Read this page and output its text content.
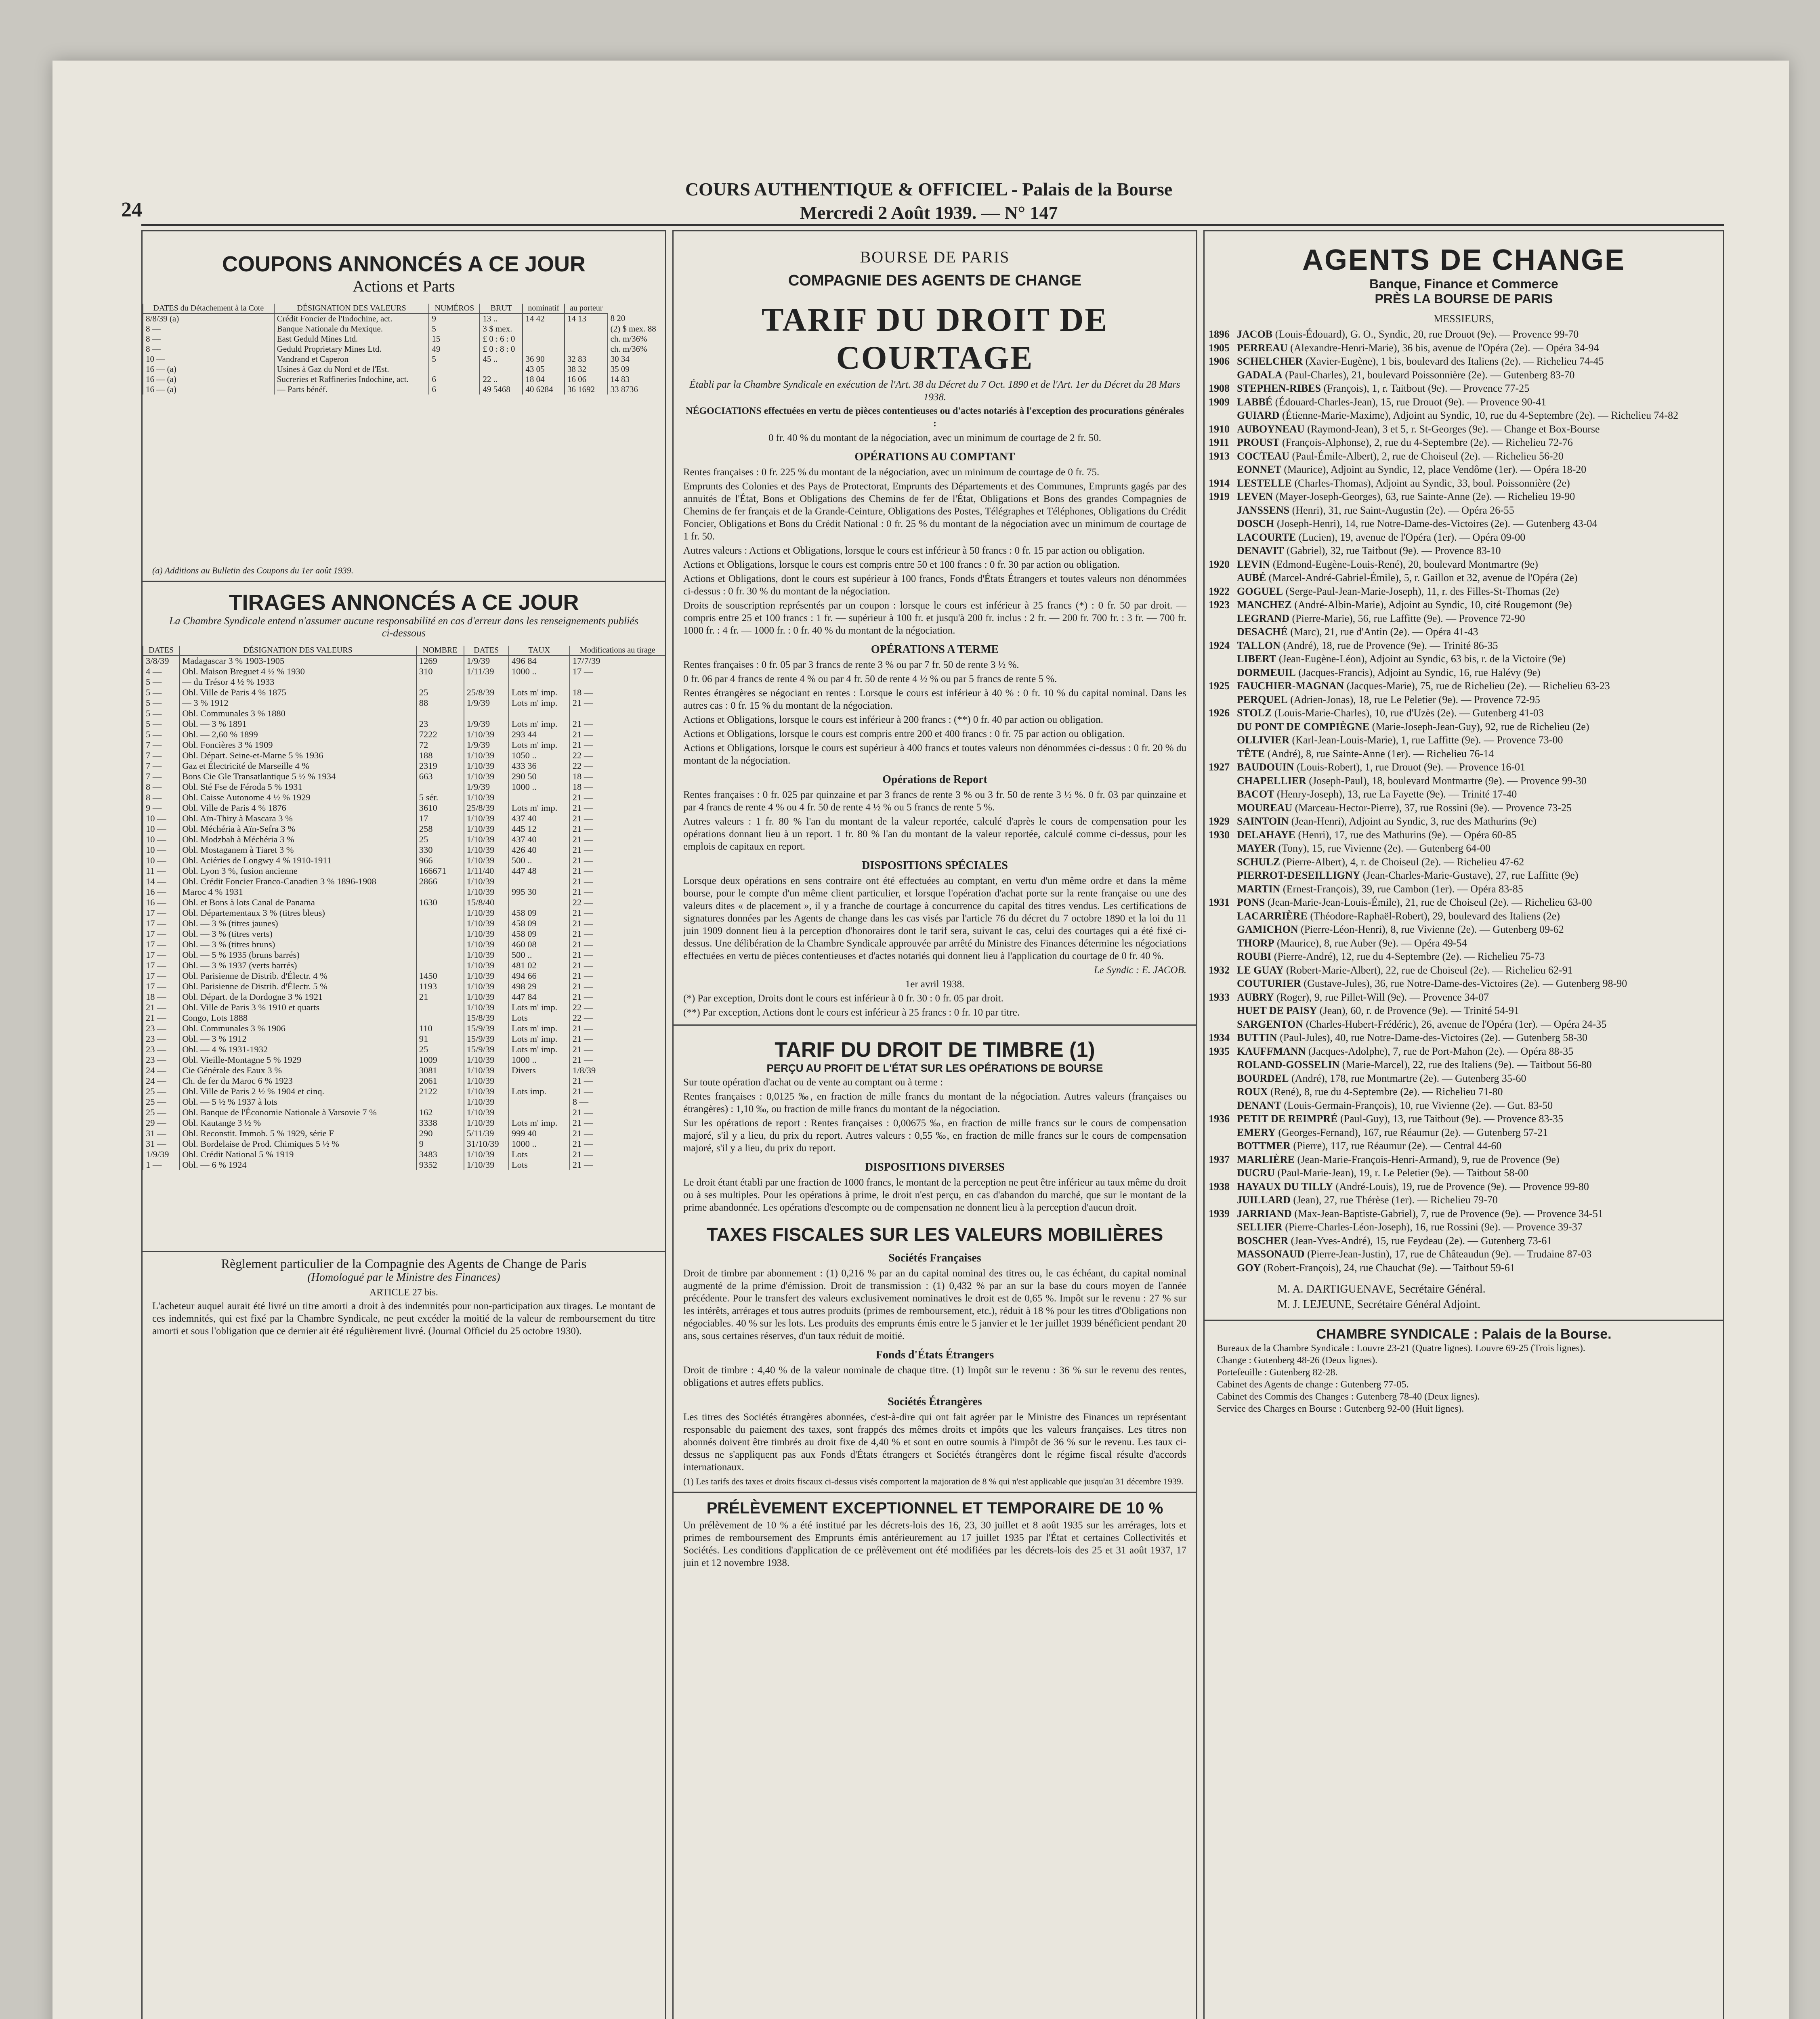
24
COURS AUTHENTIQUE & OFFICIEL - Palais de la Bourse
Mercredi 2 Août 1939. — N° 147
COUPONS ANNONCÉS A CE JOUR
Actions et Parts
DATES du Détachement à la Cote	DÉSIGNATION DES VALEURS	NUMÉROS	BRUT	nominatif	au porteur	
8/8/39 (a)	Crédit Foncier de l'Indochine, act.	9	13 ..	14 42	14 13	8 20
8 —	Banque Nationale du Mexique.	5	3 $ mex.			(2) $ mex. 88
8 —	East Geduld Mines Ltd.	15	£ 0 : 6 : 0			ch. m/36%
8 —	Geduld Proprietary Mines Ltd.	49	£ 0 : 8 : 0			ch. m/36%
10 —	Vandrand et Caperon	5	45 ..	36 90	32 83	30 34
16 — (a)	Usines à Gaz du Nord et de l'Est.			43 05	38 32	35 09
16 — (a)	Sucreries et Raffineries Indochine, act.	6	22 ..	18 04	16 06	14 83
16 — (a)	— Parts bénéf.	6	49 5468	40 6284	36 1692	33 8736

(a) Additions au Bulletin des Coupons du 1er août 1939.

TIRAGES ANNONCÉS A CE JOUR
La Chambre Syndicale entend n'assumer aucune responsabilité en cas d'erreur dans les renseignements publiés ci-dessous
DATES	DÉSIGNATION DES VALEURS	NOMBRE	DATES	TAUX	Modifications au tirage
3/8/39	Madagascar 3 % 1903-1905	1269	1/9/39	496 84	17/7/39
4 —	Obl. Maison Breguet 4 ½ % 1930	310	1/11/39	1000 ..	17 —
5 —	— du Trésor 4 ½ % 1933				
5 —	Obl. Ville de Paris 4 % 1875	25	25/8/39	Lots m' imp.	18 —
5 —	— 3 % 1912	88	1/9/39	Lots m' imp.	21 —
5 —	Obl. Communales 3 % 1880				
5 —	Obl. — 3 % 1891	23	1/9/39	Lots m' imp.	21 —
5 —	Obl. — 2,60 % 1899	7222	1/10/39	293 44	21 —
7 —	Obl. Foncières 3 % 1909	72	1/9/39	Lots m' imp.	21 —
7 —	Obl. Départ. Seine-et-Marne 5 % 1936	188	1/10/39	1050 ..	22 —
7 —	Gaz et Électricité de Marseille 4 %	2319	1/10/39	433 36	22 —
7 —	Bons Cie Gle Transatlantique 5 ½ % 1934	663	1/10/39	290 50	18 —
8 —	Obl. Sté Fse de Féroda 5 % 1931		1/9/39	1000 ..	18 —
8 —	Obl. Caisse Autonome 4 ½ % 1929	5 sér.	1/10/39		21 —
9 —	Obl. Ville de Paris 4 % 1876	3610	25/8/39	Lots m' imp.	21 —
10 —	Obl. Aïn-Thiry à Mascara 3 %	17	1/10/39	437 40	21 —
10 —	Obl. Méchéria à Aïn-Sefra 3 %	258	1/10/39	445 12	21 —
10 —	Obl. Modzbah à Méchéria 3 %	25	1/10/39	437 40	21 —
10 —	Obl. Mostaganem à Tiaret 3 %	330	1/10/39	426 40	21 —
10 —	Obl. Aciéries de Longwy 4 % 1910-1911	966	1/10/39	500 ..	21 —
11 —	Obl. Lyon 3 %, fusion ancienne	166671	1/11/40	447 48	21 —
14 —	Obl. Crédit Foncier Franco-Canadien 3 % 1896-1908	2866	1/10/39		21 —
16 —	Maroc 4 % 1931		1/10/39	995 30	21 —
16 —	Obl. et Bons à lots Canal de Panama	1630	15/8/40		22 —
17 —	Obl. Départementaux 3 % (titres bleus)		1/10/39	458 09	21 —
17 —	Obl. — 3 % (titres jaunes)		1/10/39	458 09	21 —
17 —	Obl. — 3 % (titres verts)		1/10/39	458 09	21 —
17 —	Obl. — 3 % (titres bruns)		1/10/39	460 08	21 —
17 —	Obl. — 5 % 1935 (bruns barrés)		1/10/39	500 ..	21 —
17 —	Obl. — 3 % 1937 (verts barrés)		1/10/39	481 02	21 —
17 —	Obl. Parisienne de Distrib. d'Électr. 4 %	1450	1/10/39	494 66	21 —
17 —	Obl. Parisienne de Distrib. d'Électr. 5 %	1193	1/10/39	498 29	21 —
18 —	Obl. Départ. de la Dordogne 3 % 1921	21	1/10/39	447 84	21 —
21 —	Obl. Ville de Paris 3 % 1910 et quarts		1/10/39	Lots m' imp.	22 —
21 —	Congo, Lots 1888		15/8/39	Lots	22 —
23 —	Obl. Communales 3 % 1906	110	15/9/39	Lots m' imp.	21 —
23 —	Obl. — 3 % 1912	91	15/9/39	Lots m' imp.	21 —
23 —	Obl. — 4 % 1931-1932	25	15/9/39	Lots m' imp.	21 —
23 —	Obl. Vieille-Montagne 5 % 1929	1009	1/10/39	1000 ..	21 —
24 —	Cie Générale des Eaux 3 %	3081	1/10/39	Divers	1/8/39
24 —	Ch. de fer du Maroc 6 % 1923	2061	1/10/39		21 —
25 —	Obl. Ville de Paris 2 ½ % 1904 et cinq.	2122	1/10/39	Lots imp.	21 —
25 —	Obl. — 5 ½ % 1937 à lots		1/10/39		8 —
25 —	Obl. Banque de l'Économie Nationale à Varsovie 7 %	162	1/10/39		21 —
29 —	Obl. Kautange 3 ½ %	3338	1/10/39	Lots m' imp.	21 —
31 —	Obl. Reconstit. Immob. 5 % 1929, série F	290	5/11/39	999 40	21 —
31 —	Obl. Bordelaise de Prod. Chimiques 5 ½ %	9	31/10/39	1000 ..	21 —
1/9/39	Obl. Crédit National 5 % 1919	3483	1/10/39	Lots	21 —
1 —	Obl. — 6 % 1924	9352	1/10/39	Lots	21 —
Règlement particulier de la Compagnie des Agents de Change de Paris
(Homologué par le Ministre des Finances)
ARTICLE 27 bis.

L'acheteur auquel aurait été livré un titre amorti a droit à des indemnités pour non-participation aux tirages. Le montant de ces indemnités, qui est fixé par la Chambre Syndicale, ne peut excéder la moitié de la valeur de remboursement du titre amorti et sous l'obligation que ce dernier ait été régulièrement livré. (Journal Officiel du 25 octobre 1930).

BOURSE DE PARIS
COMPAGNIE DES AGENTS DE CHANGE
TARIF DU DROIT DE COURTAGE

Établi par la Chambre Syndicale en exécution de l'Art. 38 du Décret du 7 Oct. 1890 et de l'Art. 1er du Décret du 28 Mars 1938.

NÉGOCIATIONS effectuées en vertu de pièces contentieuses ou d'actes notariés à l'exception des procurations générales :

0 fr. 40 % du montant de la négociation, avec un minimum de courtage de 2 fr. 50.

OPÉRATIONS AU COMPTANT

Rentes françaises : 0 fr. 225 % du montant de la négociation, avec un minimum de courtage de 0 fr. 75.

Emprunts des Colonies et des Pays de Protectorat, Emprunts des Départements et des Communes, Emprunts gagés par des annuités de l'État, Bons et Obligations des Chemins de fer de l'État, Obligations et Bons des grandes Compagnies de Chemins de fer français et de la Grande-Ceinture, Obligations des Postes, Télégraphes et Téléphones, Obligations du Crédit Foncier, Obligations et Bons du Crédit National : 0 fr. 25 % du montant de la négociation avec un minimum de courtage de 1 fr. 50.

Autres valeurs : Actions et Obligations, lorsque le cours est inférieur à 50 francs : 0 fr. 15 par action ou obligation.

Actions et Obligations, lorsque le cours est compris entre 50 et 100 francs : 0 fr. 30 par action ou obligation.

Actions et Obligations, dont le cours est supérieur à 100 francs, Fonds d'États Étrangers et toutes valeurs non dénommées ci-dessus : 0 fr. 30 % du montant de la négociation.

Droits de souscription représentés par un coupon : lorsque le cours est inférieur à 25 francs (*) : 0 fr. 50 par droit. — compris entre 25 et 100 francs : 1 fr. — supérieur à 100 fr. et jusqu'à 200 fr. inclus : 2 fr. — 200 fr. 700 fr. : 3 fr. — 700 fr. 1000 fr. : 4 fr. — 1000 fr. : 0 fr. 40 % du montant de la négociation.

OPÉRATIONS A TERME

Rentes françaises : 0 fr. 05 par 3 francs de rente 3 % ou par 7 fr. 50 de rente 3 ½ %.

0 fr. 06 par 4 francs de rente 4 % ou par 4 fr. 50 de rente 4 ½ % ou par 5 francs de rente 5 %.

Rentes étrangères se négociant en rentes : Lorsque le cours est inférieur à 40 % : 0 fr. 10 % du capital nominal. Dans les autres cas : 0 fr. 15 % du montant de la négociation.

Actions et Obligations, lorsque le cours est inférieur à 200 francs : (**) 0 fr. 40 par action ou obligation.

Actions et Obligations, lorsque le cours est compris entre 200 et 400 francs : 0 fr. 75 par action ou obligation.

Actions et Obligations, lorsque le cours est supérieur à 400 francs et toutes valeurs non dénommées ci-dessus : 0 fr. 20 % du montant de la négociation.

Opérations de Report

Rentes françaises : 0 fr. 025 par quinzaine et par 3 francs de rente 3 % ou 3 fr. 50 de rente 3 ½ %. 0 fr. 03 par quinzaine et par 4 francs de rente 4 % ou 4 fr. 50 de rente 4 ½ % ou 5 francs de rente 5 %.

Autres valeurs : 1 fr. 80 % l'an du montant de la valeur reportée, calculé d'après le cours de compensation pour les opérations donnant lieu à un report. 1 fr. 80 % l'an du montant de la valeur reportée, calculé comme ci-dessus, pour les emplois de capitaux en report.

DISPOSITIONS SPÉCIALES

Lorsque deux opérations en sens contraire ont été effectuées au comptant, en vertu d'un même ordre et dans la même bourse, pour le compte d'un même client particulier, et lorsque l'opération d'achat porte sur la rente française ou une des valeurs dites « de placement », il y a franche de courtage à concurrence du capital des titres vendus. Les certifications de signatures données par les Agents de change dans les cas visés par l'article 76 du décret du 7 octobre 1890 et la loi du 11 juin 1909 donnent lieu à la perception d'honoraires dont le tarif sera, suivant le cas, celui des courtages qui a été fixé ci-dessus. Une délibération de la Chambre Syndicale approuvée par arrêté du Ministre des Finances détermine les négociations effectuées en vertu de pièces contentieuses et d'actes notariés qui donnent lieu à l'application du courtage de 0 fr. 40 %.

Le Syndic : E. JACOB.

1er avril 1938.

(*) Par exception, Droits dont le cours est inférieur à 0 fr. 30 : 0 fr. 05 par droit.

(**) Par exception, Actions dont le cours est inférieur à 25 francs : 0 fr. 10 par titre.

TARIF DU DROIT DE TIMBRE (1)
PERÇU AU PROFIT DE L'ÉTAT SUR LES OPÉRATIONS DE BOURSE

Sur toute opération d'achat ou de vente au comptant ou à terme :

Rentes françaises : 0,0125 ‰, en fraction de mille francs du montant de la négociation. Autres valeurs (françaises ou étrangères) : 1,10 ‰, ou fraction de mille francs du montant de la négociation.

Sur les opérations de report : Rentes françaises : 0,00675 ‰, en fraction de mille francs sur le cours de compensation majoré, s'il y a lieu, du prix du report. Autres valeurs : 0,55 ‰, en fraction de mille francs sur le cours de compensation majoré, s'il y a lieu, du prix du report.

DISPOSITIONS DIVERSES

Le droit étant établi par une fraction de 1000 francs, le montant de la perception ne peut être inférieur au taux même du droit ou à ses multiples. Pour les opérations à prime, le droit n'est perçu, en cas d'abandon du marché, que sur le montant de la prime abandonnée. Les opérations d'escompte ou de compensation ne donnent lieu à la perception d'aucun droit.

TAXES FISCALES SUR LES VALEURS MOBILIÈRES
Sociétés Françaises

Droit de timbre par abonnement : (1) 0,216 % par an du capital nominal des titres ou, le cas échéant, du capital nominal augmenté de la prime d'émission. Droit de transmission : (1) 0,432 % par an sur la base du cours moyen de l'année précédente. Pour le transfert des valeurs exclusivement nominatives le droit est de 0,65 %. Impôt sur le revenu : 27 % sur les intérêts, arrérages et tous autres produits (primes de remboursement, etc.), réduit à 18 % pour les titres d'Obligations non négociables. 40 % sur les lots. Les produits des emprunts émis entre le 5 janvier et le 1er juillet 1939 bénéficient pendant 20 ans, sous certaines réserves, d'un taux réduit de moitié.

Fonds d'États Étrangers

Droit de timbre : 4,40 % de la valeur nominale de chaque titre. (1) Impôt sur le revenu : 36 % sur le revenu des rentes, obligations et autres effets publics.

Sociétés Étrangères

Les titres des Sociétés étrangères abonnées, c'est-à-dire qui ont fait agréer par le Ministre des Finances un représentant responsable du paiement des taxes, sont frappés des mêmes droits et impôts que les valeurs françaises. Les titres non abonnés doivent être timbrés au droit fixe de 4,40 % et sont en outre soumis à l'impôt de 36 % sur le revenu. Les taux ci-dessus ne s'appliquent pas aux Fonds d'États étrangers et Sociétés étrangères dont le régime fiscal résulte d'accords internationaux.

(1) Les tarifs des taxes et droits fiscaux ci-dessus visés comportent la majoration de 8 % qui n'est applicable que jusqu'au 31 décembre 1939.

PRÉLÈVEMENT EXCEPTIONNEL ET TEMPORAIRE DE 10 %

Un prélèvement de 10 % a été institué par les décrets-lois des 16, 23, 30 juillet et 8 août 1935 sur les arrérages, lots et primes de remboursement des Emprunts émis antérieurement au 17 juillet 1935 par l'État et certaines Collectivités et Sociétés. Les conditions d'application de ce prélèvement ont été modifiées par les décrets-lois des 25 et 31 août 1937, 17 juin et 12 novembre 1938.

AGENTS DE CHANGE
Banque, Finance et Commerce
PRÈS LA BOURSE DE PARIS
MESSIEURS,
1896 JACOB (Louis-Édouard), G. O., Syndic, 20, rue Drouot (9e). — Provence 99-70
1905 PERREAU (Alexandre-Henri-Marie), 36 bis, avenue de l'Opéra (2e). — Opéra 34-94
1906 SCHELCHER (Xavier-Eugène), 1 bis, boulevard des Italiens (2e). — Richelieu 74-45
GADALA (Paul-Charles), 21, boulevard Poissonnière (2e). — Gutenberg 83-70
1908 STEPHEN-RIBES (François), 1, r. Taitbout (9e). — Provence 77-25
1909 LABBÉ (Édouard-Charles-Jean), 15, rue Drouot (9e). — Provence 90-41
GUIARD (Étienne-Marie-Maxime), Adjoint au Syndic, 10, rue du 4-Septembre (2e). — Richelieu 74-82
1910 AUBOYNEAU (Raymond-Jean), 3 et 5, r. St-Georges (9e). — Change et Box-Bourse
1911 PROUST (François-Alphonse), 2, rue du 4-Septembre (2e). — Richelieu 72-76
1913 COCTEAU (Paul-Émile-Albert), 2, rue de Choiseul (2e). — Richelieu 56-20
EONNET (Maurice), Adjoint au Syndic, 12, place Vendôme (1er). — Opéra 18-20
1914 LESTELLE (Charles-Thomas), Adjoint au Syndic, 33, boul. Poissonnière (2e)
1919 LEVEN (Mayer-Joseph-Georges), 63, rue Sainte-Anne (2e). — Richelieu 19-90
JANSSENS (Henri), 31, rue Saint-Augustin (2e). — Opéra 26-55
DOSCH (Joseph-Henri), 14, rue Notre-Dame-des-Victoires (2e). — Gutenberg 43-04
LACOURTE (Lucien), 19, avenue de l'Opéra (1er). — Opéra 09-00
DENAVIT (Gabriel), 32, rue Taitbout (9e). — Provence 83-10
1920 LEVIN (Edmond-Eugène-Louis-René), 20, boulevard Montmartre (9e)
AUBÉ (Marcel-André-Gabriel-Émile), 5, r. Gaillon et 32, avenue de l'Opéra (2e)
1922 GOGUEL (Serge-Paul-Jean-Marie-Joseph), 11, r. des Filles-St-Thomas (2e)
1923 MANCHEZ (André-Albin-Marie), Adjoint au Syndic, 10, cité Rougemont (9e)
LEGRAND (Pierre-Marie), 56, rue Laffitte (9e). — Provence 72-90
DESACHÉ (Marc), 21, rue d'Antin (2e). — Opéra 41-43
1924 TALLON (André), 18, rue de Provence (9e). — Trinité 86-35
LIBERT (Jean-Eugène-Léon), Adjoint au Syndic, 63 bis, r. de la Victoire (9e)
DORMEUIL (Jacques-Francis), Adjoint au Syndic, 16, rue Halévy (9e)
1925 FAUCHIER-MAGNAN (Jacques-Marie), 75, rue de Richelieu (2e). — Richelieu 63-23
PERQUEL (Adrien-Jonas), 18, rue Le Peletier (9e). — Provence 72-95
1926 STOLZ (Louis-Marie-Charles), 10, rue d'Uzès (2e). — Gutenberg 41-03
DU PONT DE COMPIÈGNE (Marie-Joseph-Jean-Guy), 92, rue de Richelieu (2e)
OLLIVIER (Karl-Jean-Louis-Marie), 1, rue Laffitte (9e). — Provence 73-00
TÊTE (André), 8, rue Sainte-Anne (1er). — Richelieu 76-14
1927 BAUDOUIN (Louis-Robert), 1, rue Drouot (9e). — Provence 16-01
CHAPELLIER (Joseph-Paul), 18, boulevard Montmartre (9e). — Provence 99-30
BACOT (Henry-Joseph), 13, rue La Fayette (9e). — Trinité 17-40
MOUREAU (Marceau-Hector-Pierre), 37, rue Rossini (9e). — Provence 73-25
1929 SAINTOIN (Jean-Henri), Adjoint au Syndic, 3, rue des Mathurins (9e)
1930 DELAHAYE (Henri), 17, rue des Mathurins (9e). — Opéra 60-85
MAYER (Tony), 15, rue Vivienne (2e). — Gutenberg 64-00
SCHULZ (Pierre-Albert), 4, r. de Choiseul (2e). — Richelieu 47-62
PIERROT-DESEILLIGNY (Jean-Charles-Marie-Gustave), 27, rue Laffitte (9e)
MARTIN (Ernest-François), 39, rue Cambon (1er). — Opéra 83-85
1931 PONS (Jean-Marie-Jean-Louis-Émile), 21, rue de Choiseul (2e). — Richelieu 63-00
LACARRIÈRE (Théodore-Raphaël-Robert), 29, boulevard des Italiens (2e)
GAMICHON (Pierre-Léon-Henri), 8, rue Vivienne (2e). — Gutenberg 09-62
THORP (Maurice), 8, rue Auber (9e). — Opéra 49-54
ROUBI (Pierre-André), 12, rue du 4-Septembre (2e). — Richelieu 75-73
1932 LE GUAY (Robert-Marie-Albert), 22, rue de Choiseul (2e). — Richelieu 62-91
COUTURIER (Gustave-Jules), 36, rue Notre-Dame-des-Victoires (2e). — Gutenberg 98-90
1933 AUBRY (Roger), 9, rue Pillet-Will (9e). — Provence 34-07
HUET DE PAISY (Jean), 60, r. de Provence (9e). — Trinité 54-91
SARGENTON (Charles-Hubert-Frédéric), 26, avenue de l'Opéra (1er). — Opéra 24-35
1934 BUTTIN (Paul-Jules), 40, rue Notre-Dame-des-Victoires (2e). — Gutenberg 58-30
1935 KAUFFMANN (Jacques-Adolphe), 7, rue de Port-Mahon (2e). — Opéra 88-35
ROLAND-GOSSELIN (Marie-Marcel), 22, rue des Italiens (9e). — Taitbout 56-80
BOURDEL (André), 178, rue Montmartre (2e). — Gutenberg 35-60
ROUX (René), 8, rue du 4-Septembre (2e). — Richelieu 71-80
DENANT (Louis-Germain-François), 10, rue Vivienne (2e). — Gut. 83-50
1936 PETIT DE REIMPRÉ (Paul-Guy), 13, rue Taitbout (9e). — Provence 83-35
EMERY (Georges-Fernand), 167, rue Réaumur (2e). — Gutenberg 57-21
BOTTMER (Pierre), 117, rue Réaumur (2e). — Central 44-60
1937 MARLIÈRE (Jean-Marie-François-Henri-Armand), 9, rue de Provence (9e)
DUCRU (Paul-Marie-Jean), 19, r. Le Peletier (9e). — Taitbout 58-00
1938 HAYAUX DU TILLY (André-Louis), 19, rue de Provence (9e). — Provence 99-80
JUILLARD (Jean), 27, rue Thérèse (1er). — Richelieu 79-70
1939 JARRIAND (Max-Jean-Baptiste-Gabriel), 7, rue de Provence (9e). — Provence 34-51
SELLIER (Pierre-Charles-Léon-Joseph), 16, rue Rossini (9e). — Provence 39-37
BOSCHER (Jean-Yves-André), 15, rue Feydeau (2e). — Gutenberg 73-61
MASSONAUD (Pierre-Jean-Justin), 17, rue de Châteaudun (9e). — Trudaine 87-03
GOY (Robert-François), 24, rue Chauchat (9e). — Taitbout 59-61
M. A. DARTIGUENAVE, Secrétaire Général.
M. J. LEJEUNE, Secrétaire Général Adjoint.
CHAMBRE SYNDICALE : Palais de la Bourse.
Bureaux de la Chambre Syndicale : Louvre 23-21 (Quatre lignes). Louvre 69-25 (Trois lignes).
Change : Gutenberg 48-26 (Deux lignes).
Portefeuille : Gutenberg 82-28.
Cabinet des Agents de change : Gutenberg 77-05.
Cabinet des Commis des Changes : Gutenberg 78-40 (Deux lignes).
Service des Charges en Bourse : Gutenberg 92-00 (Huit lignes).
